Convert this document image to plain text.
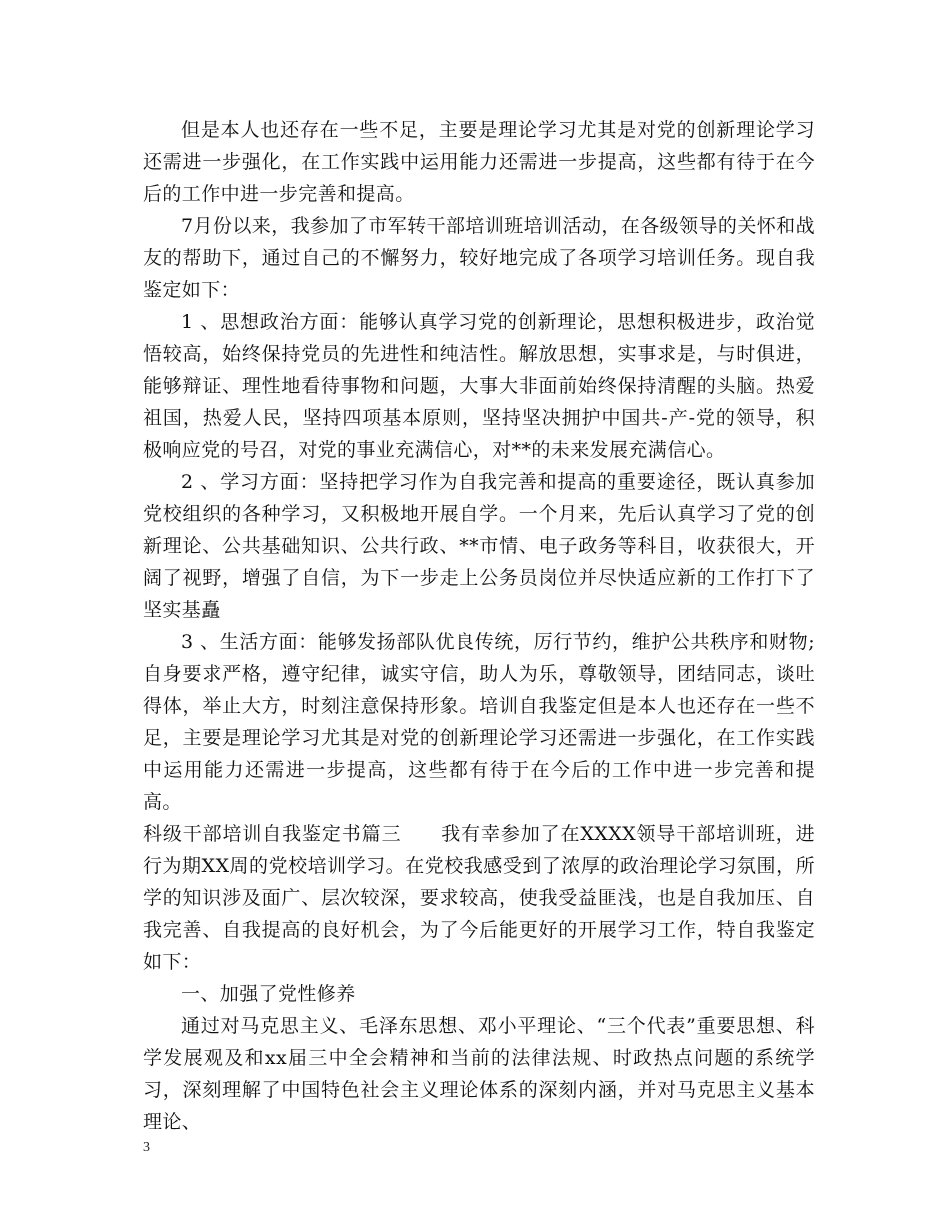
但是本人也还存在一些不足，主要是理论学习尤其是对党的创新理论学习还需进一步强化，在工作实践中运用能力还需进一步提高，这些都有待于在今后的工作中进一步完善和提高。

7月份以来，我参加了市军转干部培训班培训活动，在各级领导的关怀和战友的帮助下，通过自己的不懈努力，较好地完成了各项学习培训任务。现自我鉴定如下：

1 、思想政治方面：能够认真学习党的创新理论，思想积极进步，政治觉悟较高，始终保持党员的先进性和纯洁性。解放思想，实事求是，与时俱进，能够辩证、理性地看待事物和问题，大事大非面前始终保持清醒的头脑。热爱祖国，热爱人民，坚持四项基本原则，坚持坚决拥护中国共-产-党的领导，积极响应党的号召，对党的事业充满信心，对**的未来发展充满信心。

2 、学习方面：坚持把学习作为自我完善和提高的重要途径，既认真参加党校组织的各种学习，又积极地开展自学。一个月来，先后认真学习了党的创新理论、公共基础知识、公共行政、**市情、电子政务等科目，收获很大，开阔了视野，增强了自信，为下一步走上公务员岗位并尽快适应新的工作打下了坚实基矗

3 、生活方面：能够发扬部队优良传统，厉行节约，维护公共秩序和财物;自身要求严格，遵守纪律，诚实守信，助人为乐，尊敬领导，团结同志，谈吐得体，举止大方，时刻注意保持形象。培训自我鉴定但是本人也还存在一些不足，主要是理论学习尤其是对党的创新理论学习还需进一步强化，在工作实践中运用能力还需进一步提高，这些都有待于在今后的工作中进一步完善和提高。

科级干部培训自我鉴定书篇三　　我有幸参加了在XXXX领导干部培训班，进行为期XX周的党校培训学习。在党校我感受到了浓厚的政治理论学习氛围，所学的知识涉及面广、层次较深，要求较高，使我受益匪浅，也是自我加压、自我完善、自我提高的良好机会，为了今后能更好的开展学习工作，特自我鉴定如下：

一、加强了党性修养

通过对马克思主义、毛泽东思想、邓小平理论、“三个代表”重要思想、科学发展观及和xx届三中全会精神和当前的法律法规、时政热点问题的系统学习，深刻理解了中国特色社会主义理论体系的深刻内涵，并对马克思主义基本理论、

3
